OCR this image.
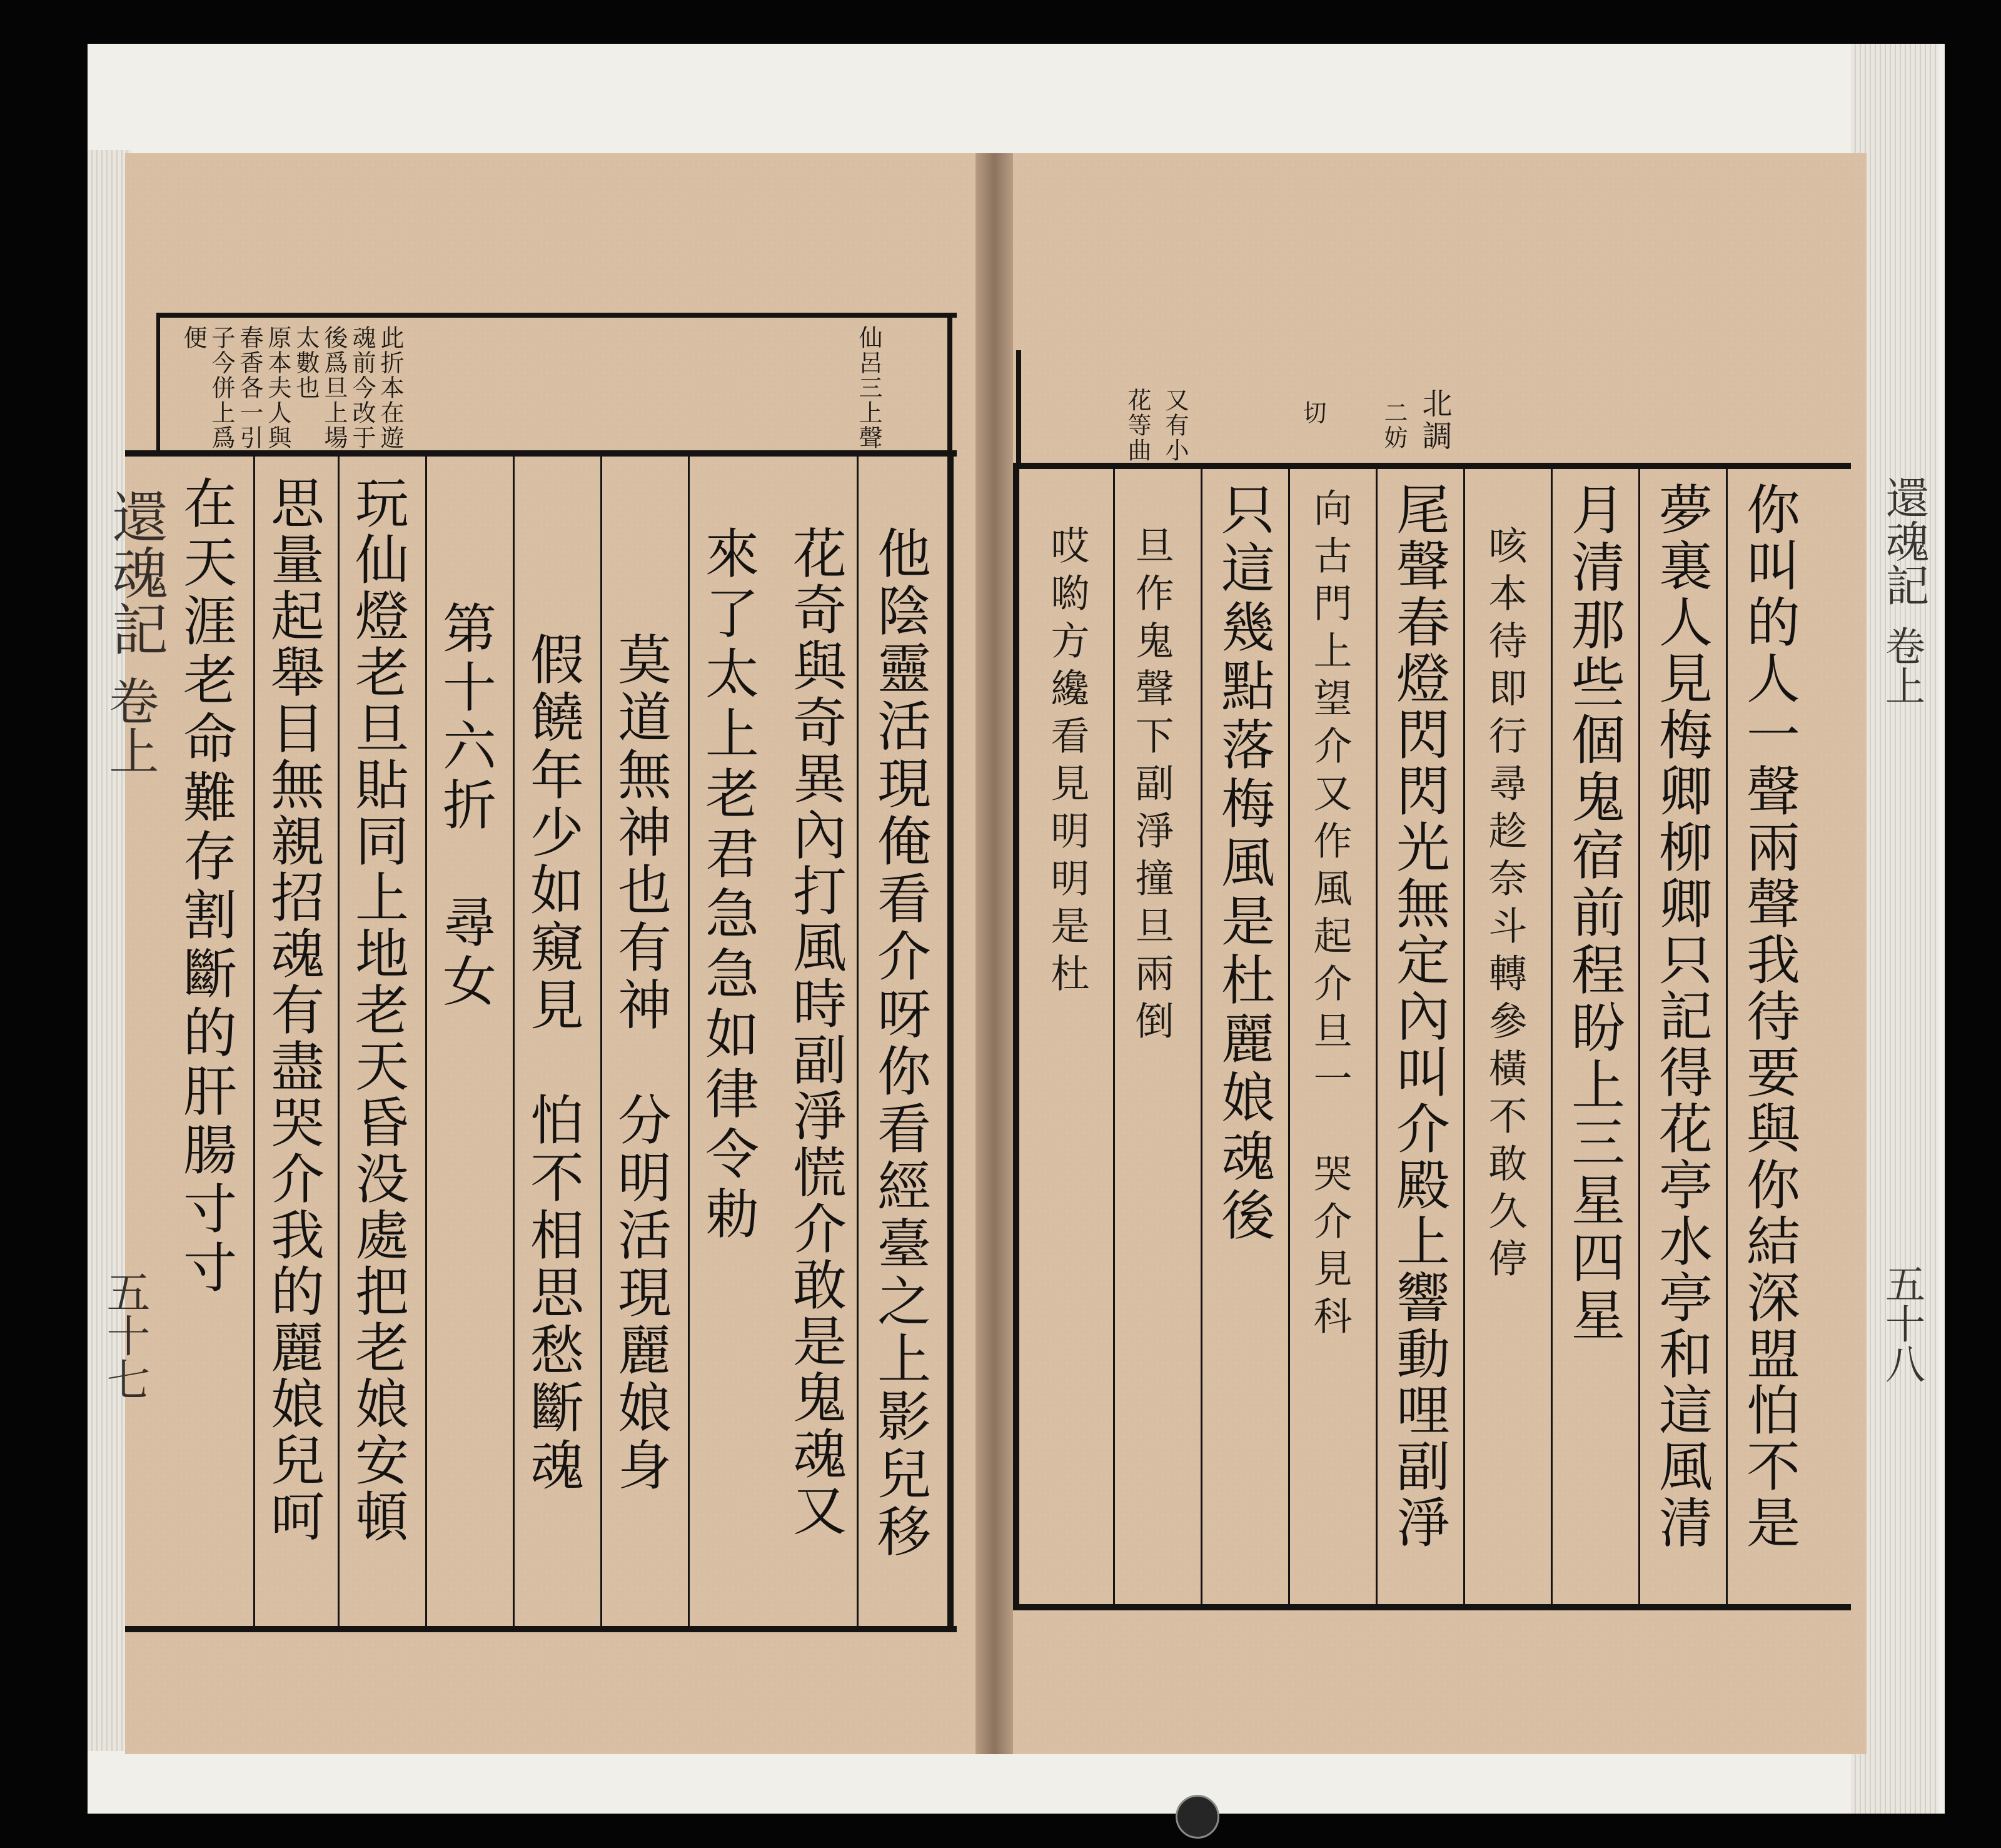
此折本在遊
魂前今改于
後爲旦上場
太數也
原本夫人與
春香各一引
子今併上爲
便	仙呂三上聲
他陰靈活現俺看介呀你看經臺之上影兒移
花奇與奇異內打風時副淨慌介敢是鬼魂又
來了太上老君急急如律令勅
莫道無神也有神　分明活現麗娘身
假饒年少如窺見　怕不相思愁斷魂
第十六折　尋女
玩仙燈老旦貼同上地老天昏没處把老娘安頓
思量起舉目無親招魂有盡哭介我的麗娘兒呵
在天涯老命難存割斷的肝腸寸寸
還魂記
卷上
五十七
北調
二妨
切
又有小
花等曲
你叫的人一聲兩聲我待要與你結深盟怕不是
夢裏人見梅卿柳卿只記得花亭水亭和這風清
月清那些個鬼宿前程盼上三星四星
咳本待即行尋趁奈斗轉參橫不敢久停
尾聲春燈閃閃光無定內叫介殿上響動哩副淨
向古門上望介又作風起介旦一　哭介見科
只這幾點落梅風是杜麗娘魂後
旦作鬼聲下副淨撞旦兩倒
哎喲方纔看見明明是杜	還魂記
卷上
五十八
